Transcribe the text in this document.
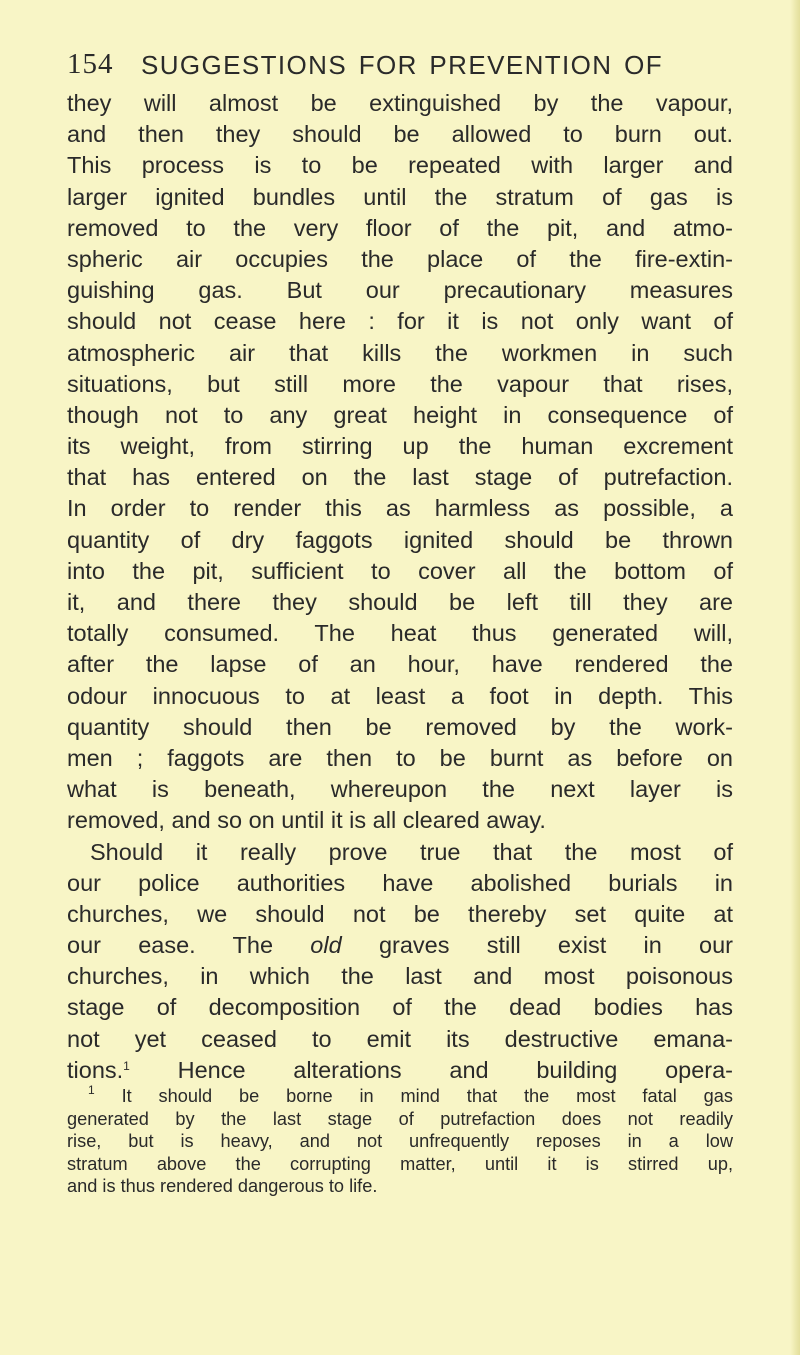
154 SUGGESTIONS FOR PREVENTION OF
they will almost be extinguished by the vapour,
and then they should be allowed to burn out.
This process is to be repeated with larger and
larger ignited bundles until the stratum of gas is
removed to the very floor of the pit, and atmo-
spheric air occupies the place of the fire-extin-
guishing gas. But our precautionary measures
should not cease here : for it is not only want of
atmospheric air that kills the workmen in such
situations, but still more the vapour that rises,
though not to any great height in consequence of
its weight, from stirring up the human excrement
that has entered on the last stage of putrefaction.
In order to render this as harmless as possible, a
quantity of dry faggots ignited should be thrown
into the pit, sufficient to cover all the bottom of
it, and there they should be left till they are
totally consumed. The heat thus generated will,
after the lapse of an hour, have rendered the
odour innocuous to at least a foot in depth. This
quantity should then be removed by the work-
men ; faggots are then to be burnt as before on
what is beneath, whereupon the next layer is
removed, and so on until it is all cleared away.
Should it really prove true that the most of
our police authorities have abolished burials in
churches, we should not be thereby set quite at
our ease. The old graves still exist in our
churches, in which the last and most poisonous
stage of decomposition of the dead bodies has
not yet ceased to emit its destructive emana-
tions.$^1$ Hence alterations and building opera-
$^1$ It should be borne in mind that the most fatal gas
generated by the last stage of putrefaction does not readily
rise, but is heavy, and not unfrequently reposes in a low
stratum above the corrupting matter, until it is stirred up,
and is thus rendered dangerous to life.
